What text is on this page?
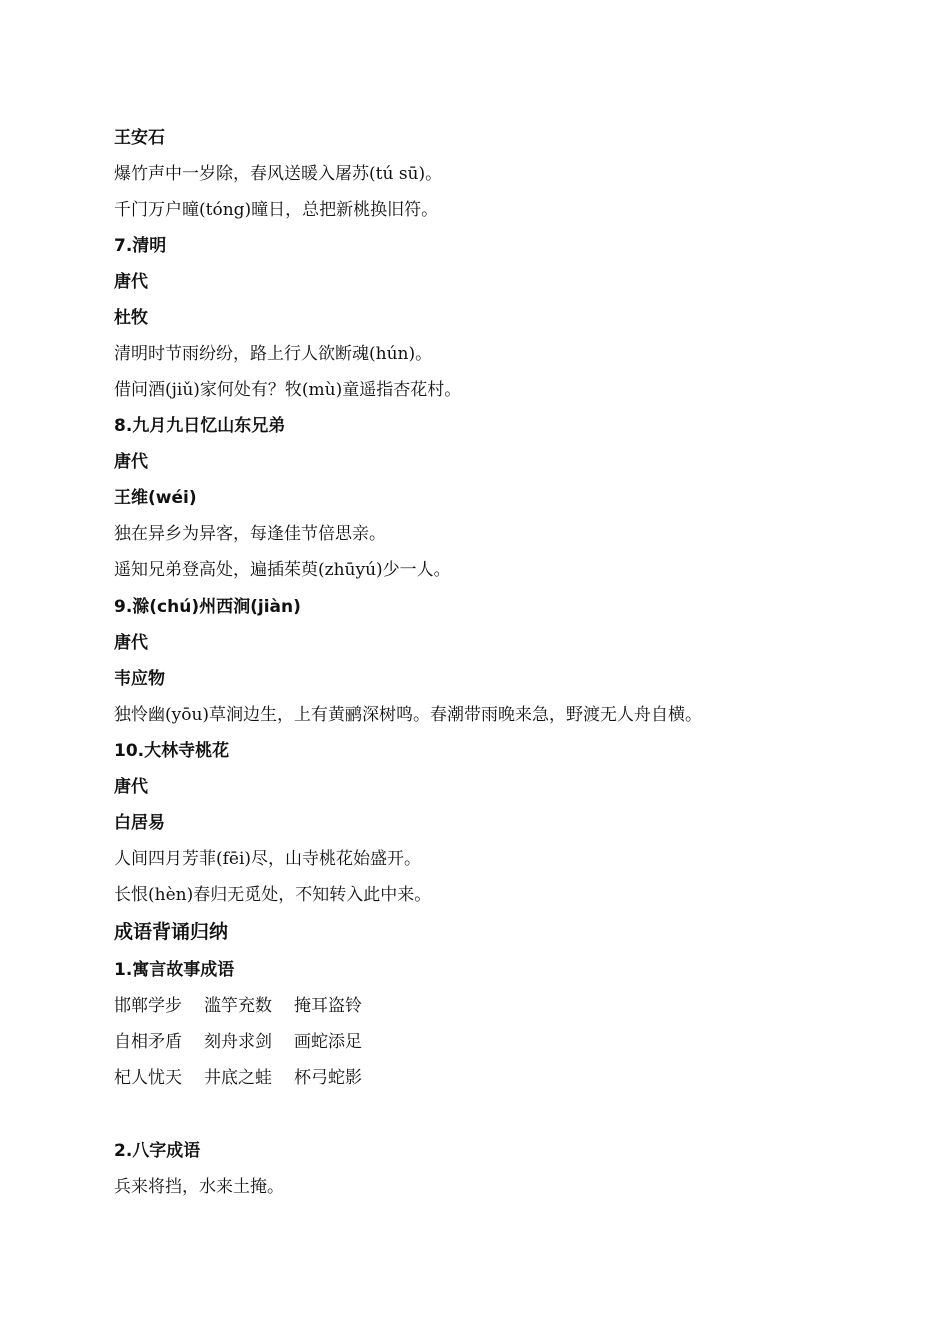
王安石
爆竹声中一岁除，春风送暖入屠苏(tú sū)。
千门万户曈(tóng)曈日，总把新桃换旧符。
7.清明
唐代
杜牧
清明时节雨纷纷，路上行人欲断魂(hún)。
借问酒(jiǔ)家何处有？牧(mù)童遥指杏花村。
8.九月九日忆山东兄弟
唐代
王维(wéi)
独在异乡为异客，每逢佳节倍思亲。
遥知兄弟登高处，遍插茱萸(zhūyú)少一人。
9.滁(chú)州西涧(jiàn)
唐代
韦应物
独怜幽(yōu)草涧边生，上有黄鹂深树鸣。春潮带雨晚来急，野渡无人舟自横。
10.大林寺桃花
唐代
白居易
人间四月芳菲(fēi)尽，山寺桃花始盛开。
长恨(hèn)春归无觅处，不知转入此中来。
成语背诵归纳
1.寓言故事成语
邯郸学步 滥竽充数 掩耳盗铃
自相矛盾 刻舟求剑 画蛇添足
杞人忧天 井底之蛙 杯弓蛇影
2.八字成语
兵来将挡，水来土掩。
